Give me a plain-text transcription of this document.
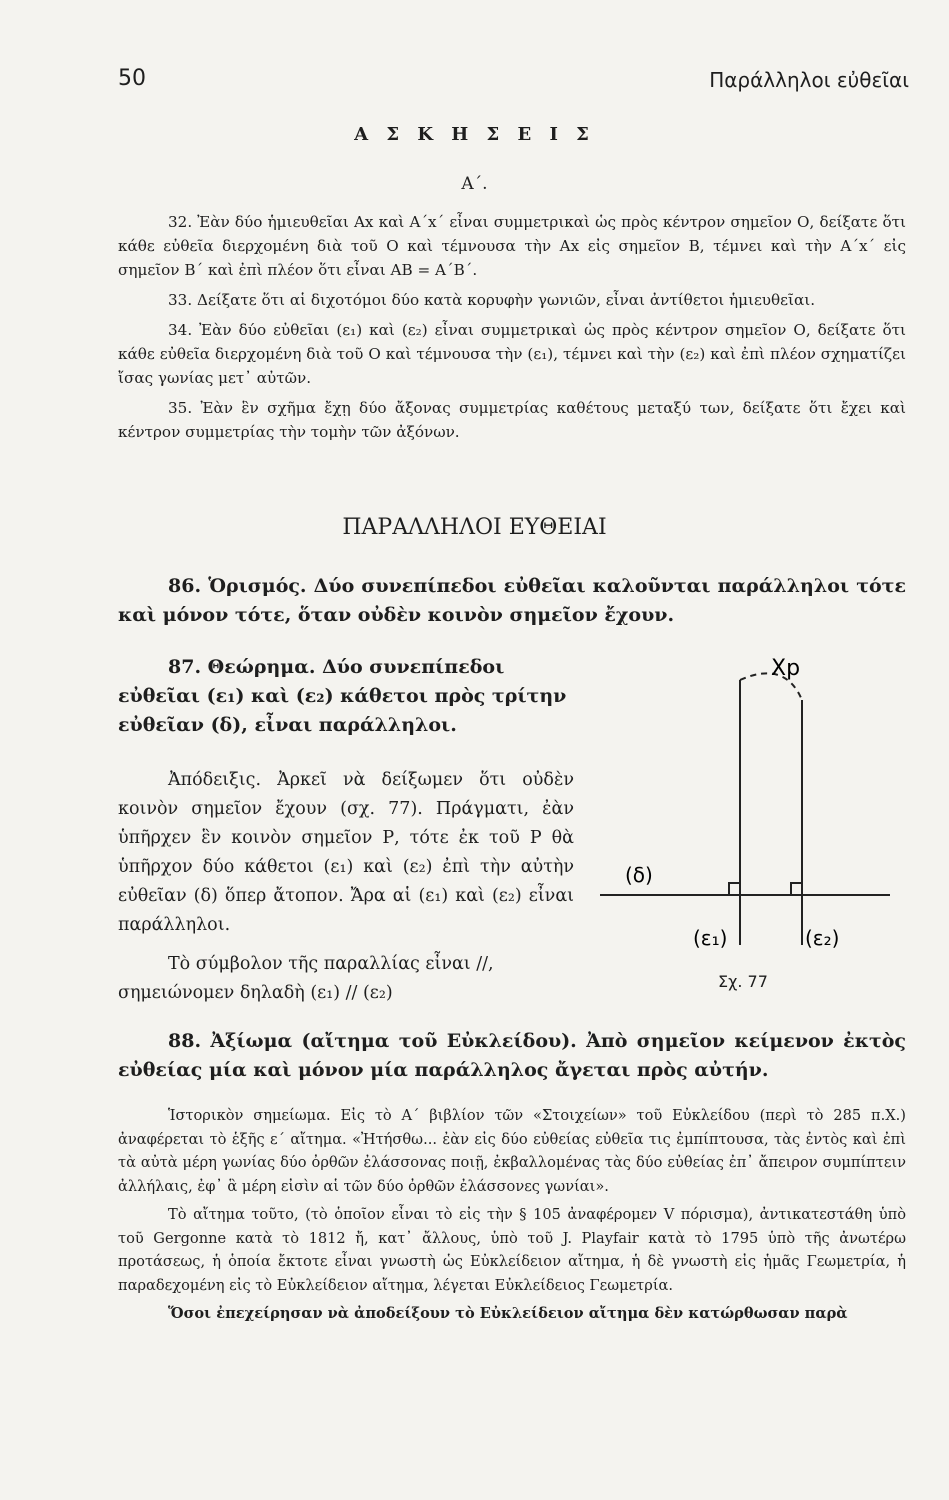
50	Παράλληλοι εὐθεῖαι
Α Σ Κ Η Σ Ε Ι Σ
Α΄.

32. Ἐὰν δύο ἡμιευθεῖαι Αx καὶ Α΄x΄ εἶναι συμμετρικαὶ ὡς πρὸς κέντρον σημεῖον Ο, δείξατε ὅτι κάθε εὐθεῖα διερχομένη διὰ τοῦ Ο καὶ τέμνουσα τὴν Αx εἰς σημεῖον Β, τέμνει καὶ τὴν Α΄x΄ εἰς σημεῖον Β΄ καὶ ἐπὶ πλέον ὅτι εἶναι ΑΒ = Α΄Β΄.

33. Δείξατε ὅτι αἱ διχοτόμοι δύο κατὰ κορυφὴν γωνιῶν, εἶναι ἀντίθετοι ἡμιευθεῖαι.

34. Ἐὰν δύο εὐθεῖαι (ε₁) καὶ (ε₂) εἶναι συμμετρικαὶ ὡς πρὸς κέντρον σημεῖον Ο, δείξατε ὅτι κάθε εὐθεῖα διερχομένη διὰ τοῦ Ο καὶ τέμνουσα τὴν (ε₁), τέμνει καὶ τὴν (ε₂) καὶ ἐπὶ πλέον σχηματίζει ἴσας γωνίας μετ᾽ αὐτῶν.

35. Ἐὰν ἓν σχῆμα ἔχῃ δύο ἄξονας συμμετρίας καθέτους μεταξύ των, δείξατε ὅτι ἔχει καὶ κέντρον συμμετρίας τὴν τομὴν τῶν ἀξόνων.

ΠΑΡΑΛΛΗΛΟΙ ΕΥΘΕΙΑΙ
86. Ὁρισμός. Δύο συνεπίπεδοι εὐθεῖαι καλοῦνται παράλληλοι τότε καὶ μόνον τότε, ὅταν οὐδὲν κοινὸν σημεῖον ἔχουν.
87. Θεώρημα. Δύο συνεπίπεδοι εὐθεῖαι (ε₁) καὶ (ε₂) κάθετοι πρὸς τρίτην εὐθεῖαν (δ), εἶναι παράλληλοι.

Ἀπόδειξις. Ἀρκεῖ νὰ δείξωμεν ὅτι οὐδὲν κοινὸν σημεῖον ἔχουν (σχ. 77). Πράγματι, ἐὰν ὑπῆρχεν ἓν κοινὸν σημεῖον Ρ, τότε ἐκ τοῦ Ρ θὰ ὑπῆρχον δύο κάθετοι (ε₁) καὶ (ε₂) ἐπὶ τὴν αὐτὴν εὐθεῖαν (δ) ὅπερ ἄτοπον. Ἄρα αἱ (ε₁) καὶ (ε₂) εἶναι παράλληλοι.

Τὸ σύμβολον τῆς παραλλίας εἶναι //, σημειώνομεν δηλαδὴ (ε₁) // (ε₂)

Xp
(δ)
(ε₁)	(ε₂)
Σχ. 77
88. Ἀξίωμα (αἴτημα τοῦ Εὐκλείδου). Ἀπὸ σημεῖον κείμενον ἐκτὸς εὐθείας μία καὶ μόνον μία παράλληλος ἄγεται πρὸς αὐτήν.

Ἱστορικὸν σημείωμα. Εἰς τὸ Α΄ βιβλίον τῶν «Στοιχείων» τοῦ Εὐκλείδου (περὶ τὸ 285 π.Χ.) ἀναφέρεται τὸ ἑξῆς ε΄ αἴτημα. «Ἠτήσθω... ἐὰν εἰς δύο εὐθείας εὐθεῖα τις ἐμπίπτουσα, τὰς ἐντὸς καὶ ἐπὶ τὰ αὐτὰ μέρη γωνίας δύο ὀρθῶν ἐλάσσονας ποιῇ, ἐκβαλλομένας τὰς δύο εὐθείας ἐπ᾽ ἄπειρον συμπίπτειν ἀλλήλαις, ἐφ᾽ ἃ μέρη εἰσὶν αἱ τῶν δύο ὀρθῶν ἐλάσσονες γωνίαι».

Τὸ αἴτημα τοῦτο, (τὸ ὁποῖον εἶναι τὸ εἰς τὴν § 105 ἀναφέρομεν V πόρισμα), ἀντικατεστάθη ὑπὸ τοῦ Gergonne κατὰ τὸ 1812 ἤ, κατ᾽ ἄλλους, ὑπὸ τοῦ J. Playfair κατὰ τὸ 1795 ὑπὸ τῆς ἀνωτέρω προτάσεως, ἡ ὁποία ἔκτοτε εἶναι γνωστὴ ὡς Εὐκλείδειον αἴτημα, ἡ δὲ γνωστὴ εἰς ἡμᾶς Γεωμετρία, ἡ παραδεχομένη εἰς τὸ Εὐκλείδειον αἴτημα, λέγεται Εὐκλείδειος Γεωμετρία.

Ὅσοι ἐπεχείρησαν νὰ ἀποδείξουν τὸ Εὐκλείδειον αἴτημα δὲν κατώρθωσαν παρὰ
